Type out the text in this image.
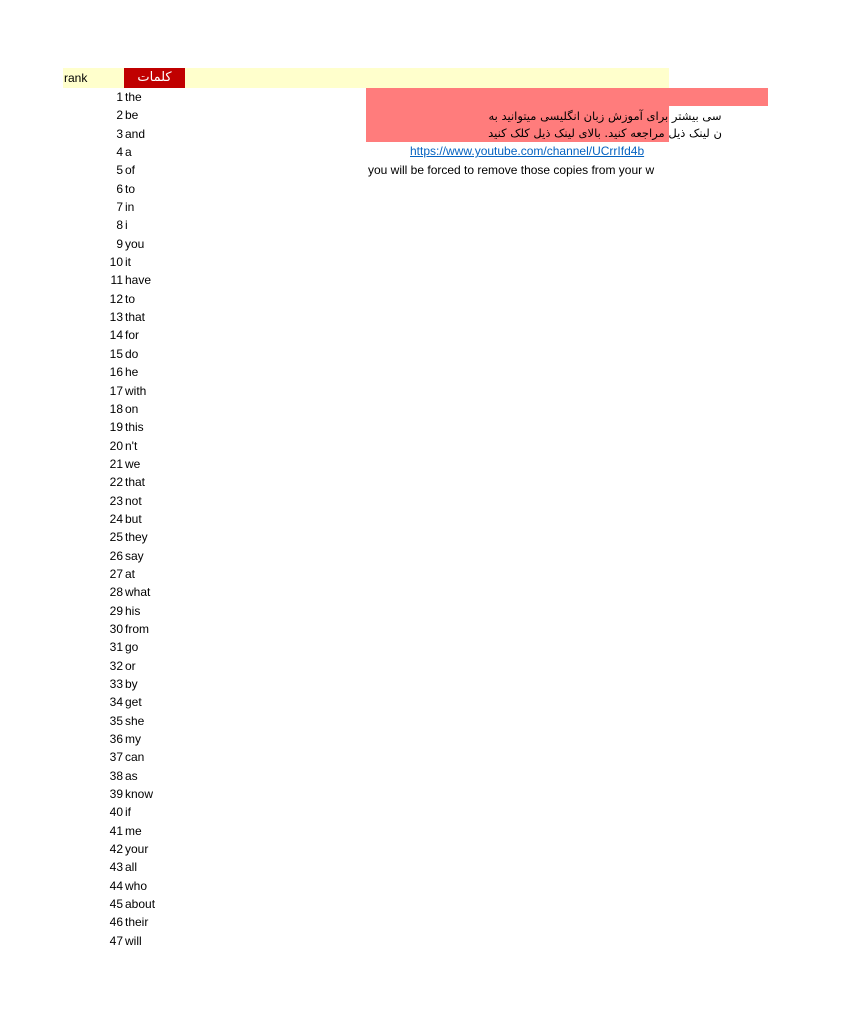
rank	کلمات
1 the
2 be
3 and
4 a
5 of
6 to
7 in
8 i
9 you
10 it
11 have
12 to
13 that
14 for
15 do
16 he
17 with
18 on
19 this
20 n't
21 we
22 that
23 not
24 but
25 they
26 say
27 at
28 what
29 his
30 from
31 go
32 or
33 by
34 get
35 she
36 my
37 can
38 as
39 know
40 if
41 me
42 your
43 all
44 who
45 about
46 their
47 will
سی بیشتر برای آموزش زبان انگلیسی میتوانید به
ن لینک ذیل مراجعه کنید. بالای لینک ذیل کلک کنید
https://www.youtube.com/channel/UCrrIfd4b
you will be forced to remove those copies from your w
